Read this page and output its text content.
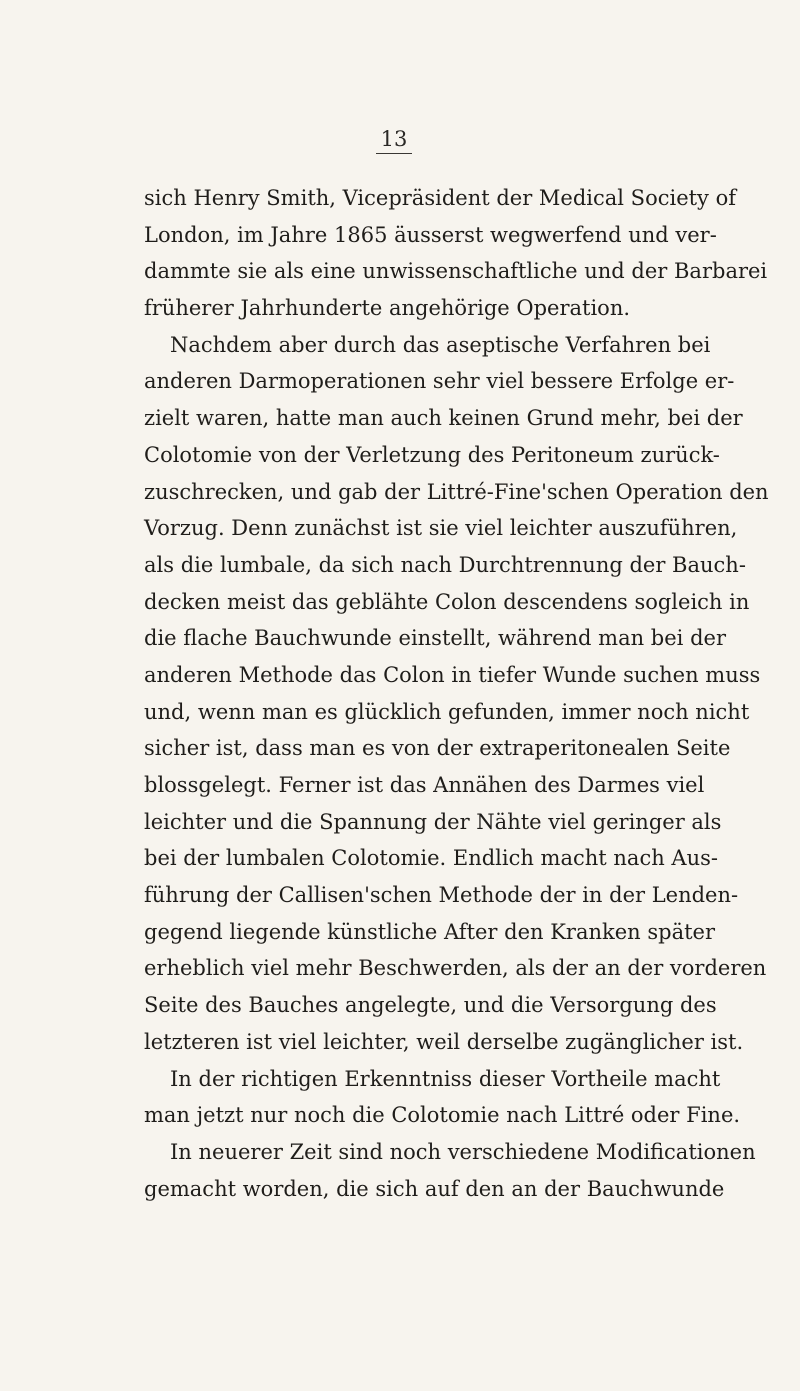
13
sich Henry Smith, Vicepräsident der Medical Society of
London, im Jahre 1865 äusserst wegwerfend und ver-
dammte sie als eine unwissenschaftliche und der Barbarei
früherer Jahrhunderte angehörige Operation.
Nachdem aber durch das aseptische Verfahren bei
anderen Darmoperationen sehr viel bessere Erfolge er-
zielt waren, hatte man auch keinen Grund mehr, bei der
Colotomie von der Verletzung des Peritoneum zurück-
zuschrecken, und gab der Littré-Fine'schen Operation den
Vorzug. Denn zunächst ist sie viel leichter auszuführen,
als die lumbale, da sich nach Durchtrennung der Bauch-
decken meist das geblähte Colon descendens sogleich in
die flache Bauchwunde einstellt, während man bei der
anderen Methode das Colon in tiefer Wunde suchen muss
und, wenn man es glücklich gefunden, immer noch nicht
sicher ist, dass man es von der extraperitonealen Seite
blossgelegt. Ferner ist das Annähen des Darmes viel
leichter und die Spannung der Nähte viel geringer als
bei der lumbalen Colotomie. Endlich macht nach Aus-
führung der Callisen'schen Methode der in der Lenden-
gegend liegende künstliche After den Kranken später
erheblich viel mehr Beschwerden, als der an der vorderen
Seite des Bauches angelegte, und die Versorgung des
letzteren ist viel leichter, weil derselbe zugänglicher ist.
In der richtigen Erkenntniss dieser Vortheile macht
man jetzt nur noch die Colotomie nach Littré oder Fine.
In neuerer Zeit sind noch verschiedene Modificationen
gemacht worden, die sich auf den an der Bauchwunde
